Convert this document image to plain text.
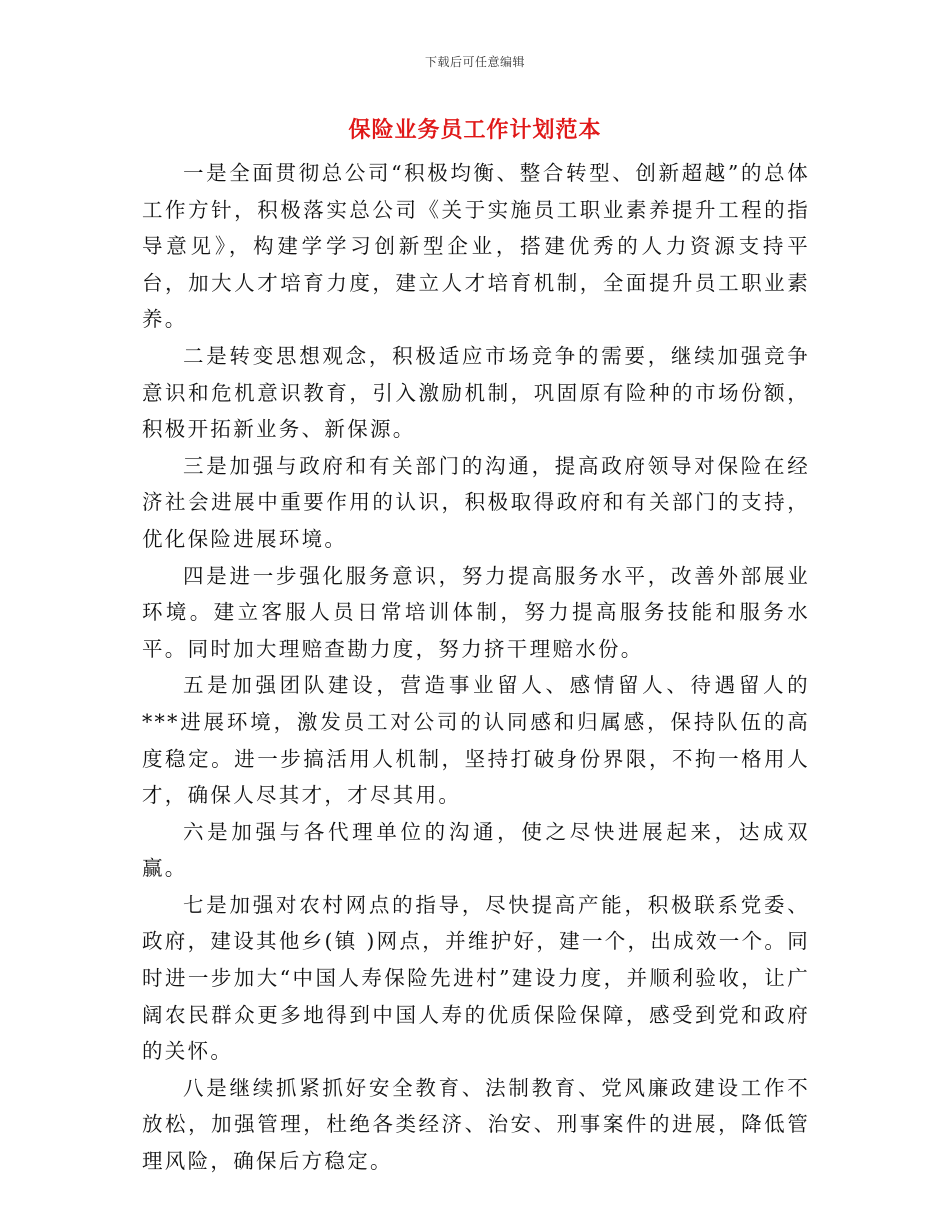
下载后可任意编辑
保险业务员工作计划范本

一是全面贯彻总公司“积极均衡、整合转型、创新超越”的总体工作方针，积极落实总公司《关于实施员工职业素养提升工程的指导意见》，构建学学习创新型企业，搭建优秀的人力资源支持平台，加大人才培育力度，建立人才培育机制，全面提升员工职业素养。

二是转变思想观念，积极适应市场竞争的需要，继续加强竞争意识和危机意识教育，引入激励机制，巩固原有险种的市场份额，积极开拓新业务、新保源。

三是加强与政府和有关部门的沟通，提高政府领导对保险在经济社会进展中重要作用的认识，积极取得政府和有关部门的支持，优化保险进展环境。

四是进一步强化服务意识，努力提高服务水平，改善外部展业环境。建立客服人员日常培训体制，努力提高服务技能和服务水平。同时加大理赔查勘力度，努力挤干理赔水份。

五是加强团队建设，营造事业留人、感情留人、待遇留人的***进展环境，激发员工对公司的认同感和归属感，保持队伍的高度稳定。进一步搞活用人机制，坚持打破身份界限，不拘一格用人才，确保人尽其才，才尽其用。

六是加强与各代理单位的沟通，使之尽快进展起来，达成双赢。

七是加强对农村网点的指导，尽快提高产能，积极联系党委、政府，建设其他乡(镇 )网点，并维护好，建一个，出成效一个。同时进一步加大“中国人寿保险先进村”建设力度，并顺利验收，让广阔农民群众更多地得到中国人寿的优质保险保障，感受到党和政府的关怀。

八是继续抓紧抓好安全教育、法制教育、党风廉政建设工作不放松，加强管理，杜绝各类经济、治安、刑事案件的进展，降低管理风险，确保后方稳定。
